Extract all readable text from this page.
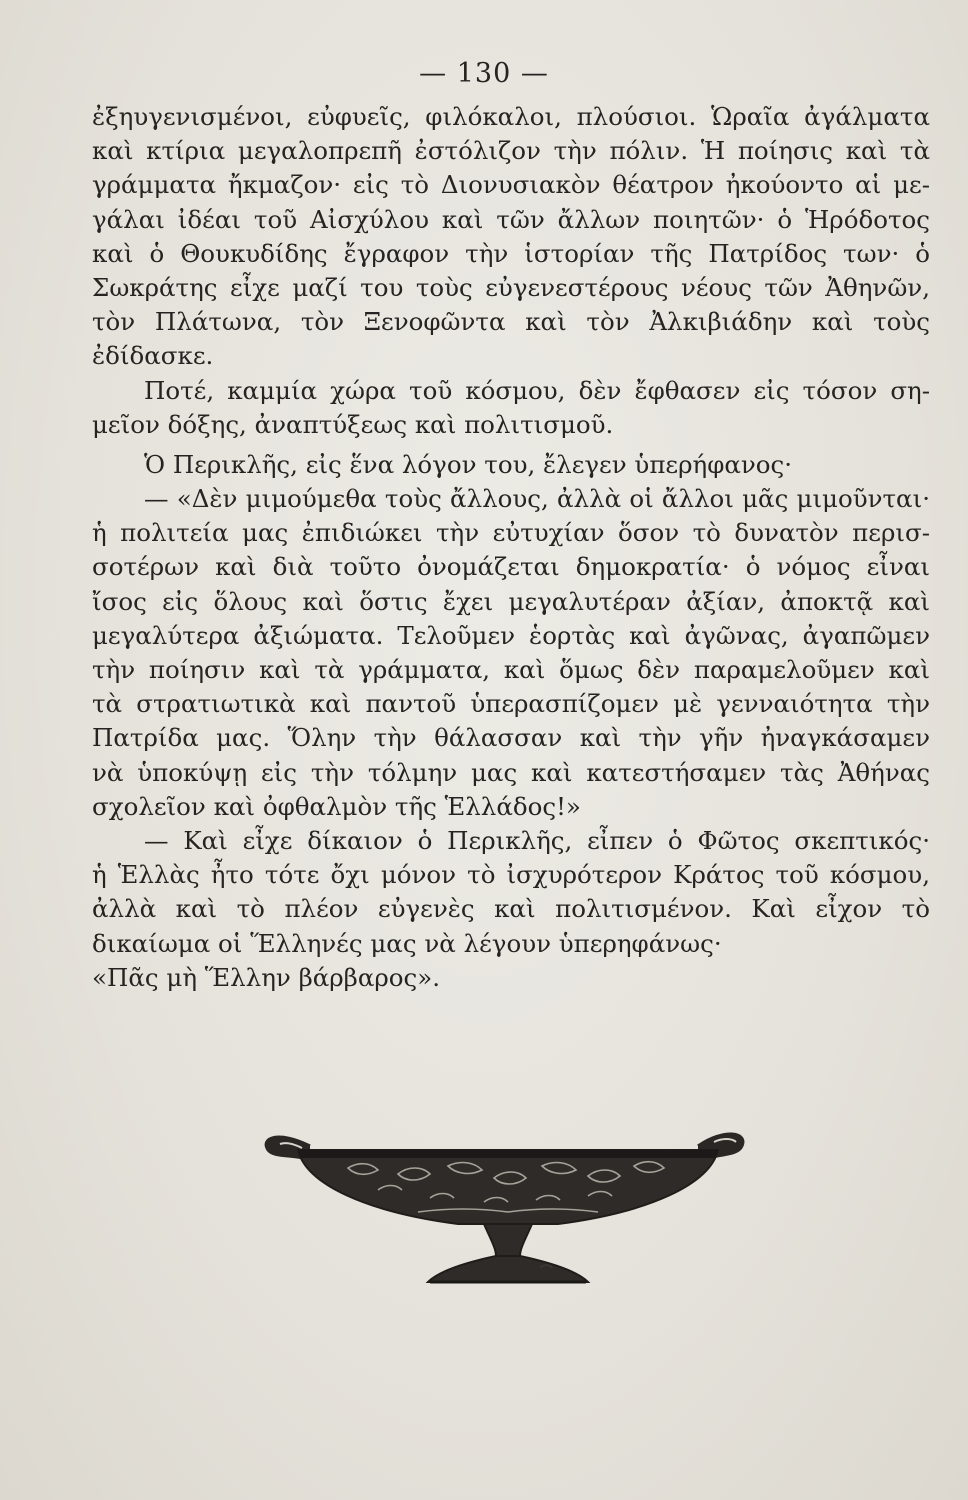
— 130 —
ἐξηυγενισμένοι, εὐφυεῖς, φιλόκαλοι, πλούσιοι. Ὡραῖα ἀγάλματα
καὶ κτίρια μεγαλοπρεπῆ ἐστόλιζον τὴν πόλιν. Ἡ ποίησις καὶ τὰ
γράμματα ἤκμαζον· εἰς τὸ Διονυσιακὸν θέατρον ἠκούοντο αἱ με-
γάλαι ἰδέαι τοῦ Αἰσχύλου καὶ τῶν ἄλλων ποιητῶν· ὁ Ἡρόδοτος
καὶ ὁ Θουκυδίδης ἔγραφον τὴν ἱστορίαν τῆς Πατρίδος των· ὁ
Σωκράτης εἶχε μαζί του τοὺς εὐγενεστέρους νέους τῶν Ἀθηνῶν,
τὸν Πλάτωνα, τὸν Ξενοφῶντα καὶ τὸν Ἀλκιβιάδην καὶ τοὺς
ἐδίδασκε.
Ποτέ, καμμία χώρα τοῦ κόσμου, δὲν ἔφθασεν εἰς τόσον ση-
μεῖον δόξης, ἀναπτύξεως καὶ πολιτισμοῦ.
Ὁ Περικλῆς, εἰς ἕνα λόγον του, ἔλεγεν ὑπερήφανος·
— «Δὲν μιμούμεθα τοὺς ἄλλους, ἀλλὰ οἱ ἄλλοι μᾶς μιμοῦνται·
ἡ πολιτεία μας ἐπιδιώκει τὴν εὐτυχίαν ὅσον τὸ δυνατὸν περισ-
σοτέρων καὶ διὰ τοῦτο ὀνομάζεται δημοκρατία· ὁ νόμος εἶναι
ἴσος εἰς ὅλους καὶ ὅστις ἔχει μεγαλυτέραν ἀξίαν, ἀποκτᾷ καὶ
μεγαλύτερα ἀξιώματα. Τελοῦμεν ἑορτὰς καὶ ἀγῶνας, ἀγαπῶμεν
τὴν ποίησιν καὶ τὰ γράμματα, καὶ ὅμως δὲν παραμελοῦμεν καὶ
τὰ στρατιωτικὰ καὶ παντοῦ ὑπερασπίζομεν μὲ γενναιότητα τὴν
Πατρίδα μας. Ὅλην τὴν θάλασσαν καὶ τὴν γῆν ἠναγκάσαμεν
νὰ ὑποκύψῃ εἰς τὴν τόλμην μας καὶ κατεστήσαμεν τὰς Ἀθήνας
σχολεῖον καὶ ὀφθαλμὸν τῆς Ἑλλάδος!»
— Καὶ εἶχε δίκαιον ὁ Περικλῆς, εἶπεν ὁ Φῶτος σκεπτικός·
ἡ Ἑλλὰς ἦτο τότε ὄχι μόνον τὸ ἰσχυρότερον Κράτος τοῦ κόσμου,
ἀλλὰ καὶ τὸ πλέον εὐγενὲς καὶ πολιτισμένον. Καὶ εἶχον τὸ
δικαίωμα οἱ Ἕλληνές μας νὰ λέγουν ὑπερηφάνως·
«Πᾶς μὴ Ἕλλην βάρβαρος».
